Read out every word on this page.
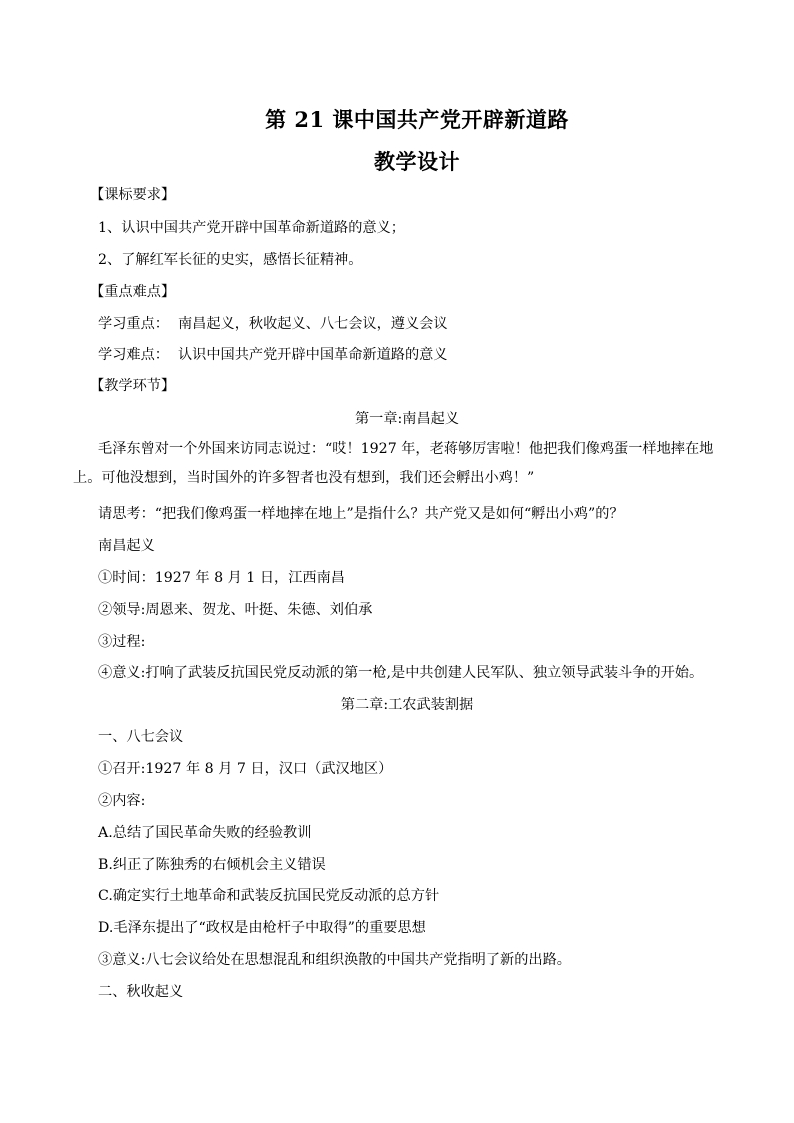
第 21 课中国共产党开辟新道路
教学设计
【课标要求】
1、认识中国共产党开辟中国革命新道路的意义；
2、了解红军长征的史实，感悟长征精神。
【重点难点】
学习重点：  南昌起义，秋收起义、八七会议，遵义会议
学习难点：  认识中国共产党开辟中国革命新道路的意义
【教学环节】
第一章:南昌起义
毛泽东曾对一个外国来访同志说过：“哎！1927 年，老蒋够厉害啦！他把我们像鸡蛋一样地摔在地上。可他没想到，当时国外的许多智者也没有想到，我们还会孵出小鸡！”
请思考：“把我们像鸡蛋一样地摔在地上”是指什么？共产党又是如何“孵出小鸡”的？
南昌起义
①时间：1927 年 8 月 1 日，江西南昌
②领导:周恩来、贺龙、叶挺、朱德、刘伯承
③过程:
④意义:打响了武装反抗国民党反动派的第一枪,是中共创建人民军队、独立领导武装斗争的开始。
第二章:工农武装割据
一、八七会议
①召开:1927 年 8 月 7 日，汉口（武汉地区）
②内容:
A.总结了国民革命失败的经验教训
B.纠正了陈独秀的右倾机会主义错误
C.确定实行土地革命和武装反抗国民党反动派的总方针
D.毛泽东提出了“政权是由枪杆子中取得”的重要思想
③意义:八七会议给处在思想混乱和组织涣散的中国共产党指明了新的出路。
二、秋收起义
